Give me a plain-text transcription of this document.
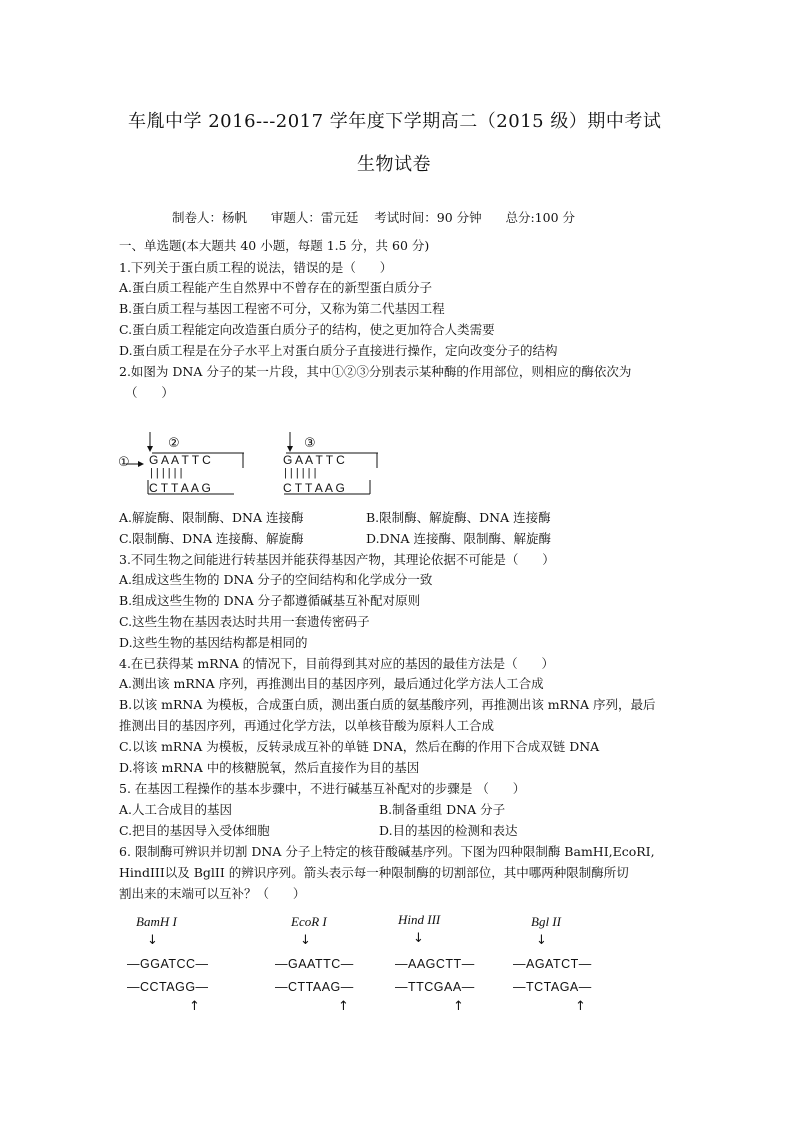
车胤中学 2016---2017 学年度下学期高二（2015 级）期中考试
生物试卷
制卷人：杨帆      审题人：雷元廷    考试时间：90 分钟      总分:100 分
一、单选题(本大题共 40 小题，每题 1.5 分，共 60 分)
1.下列关于蛋白质工程的说法，错误的是（      ）
A.蛋白质工程能产生自然界中不曾存在的新型蛋白质分子
B.蛋白质工程与基因工程密不可分，又称为第二代基因工程
C.蛋白质工程能定向改造蛋白质分子的结构，使之更加符合人类需要
D.蛋白质工程是在分子水平上对蛋白质分子直接进行操作，定向改变分子的结构
2.如图为 DNA 分子的某一片段，其中①②③分别表示某种酶的作用部位，则相应的酶依次为
（      ）
①
②
G A A T T C
| | | | | |
C T T A A G
③
G A A T T C
| | | | | |
C T T A A G
A.解旋酶、限制酶、DNA 连接酶	B.限制酶、解旋酶、DNA 连接酶
C.限制酶、DNA 连接酶、解旋酶	D.DNA 连接酶、限制酶、解旋酶
3.不同生物之间能进行转基因并能获得基因产物，其理论依据不可能是（      ）
A.组成这些生物的 DNA 分子的空间结构和化学成分一致
B.组成这些生物的 DNA 分子都遵循碱基互补配对原则
C.这些生物在基因表达时共用一套遗传密码子
D.这些生物的基因结构都是相同的
4.在已获得某 mRNA 的情况下，目前得到其对应的基因的最佳方法是（      ）
A.测出该 mRNA 序列，再推测出目的基因序列，最后通过化学方法人工合成
B.以该 mRNA 为模板，合成蛋白质，测出蛋白质的氨基酸序列，再推测出该 mRNA 序列，最后
推测出目的基因序列，再通过化学方法，以单核苷酸为原料人工合成
C.以该 mRNA 为模板，反转录成互补的单链 DNA，然后在酶的作用下合成双链 DNA
D.将该 mRNA 中的核糖脱氧，然后直接作为目的基因
5. 在基因工程操作的基本步骤中，不进行碱基互补配对的步骤是 （      ）
A.人工合成目的基因	B.制备重组 DNA 分子
C.把目的基因导入受体细胞	D.目的基因的检测和表达
6. 限制酶可辨识并切割 DNA 分子上特定的核苷酸碱基序列。下图为四种限制酶 BamHI,EcoRI,
HindIII以及 BglII 的辨识序列。箭头表示每一种限制酶的切割部位，其中哪两种限制酶所切
割出来的末端可以互补？（      ）
BamH I
↓
—GGATCC—
—CCTAGG—
↑
EcoR I
↓
—GAATTC—
—CTTAAG—
↑
Hind III
↓
—AAGCTT—
—TTCGAA—
↑
Bgl II
↓
—AGATCT—
—TCTAGA—
↑
